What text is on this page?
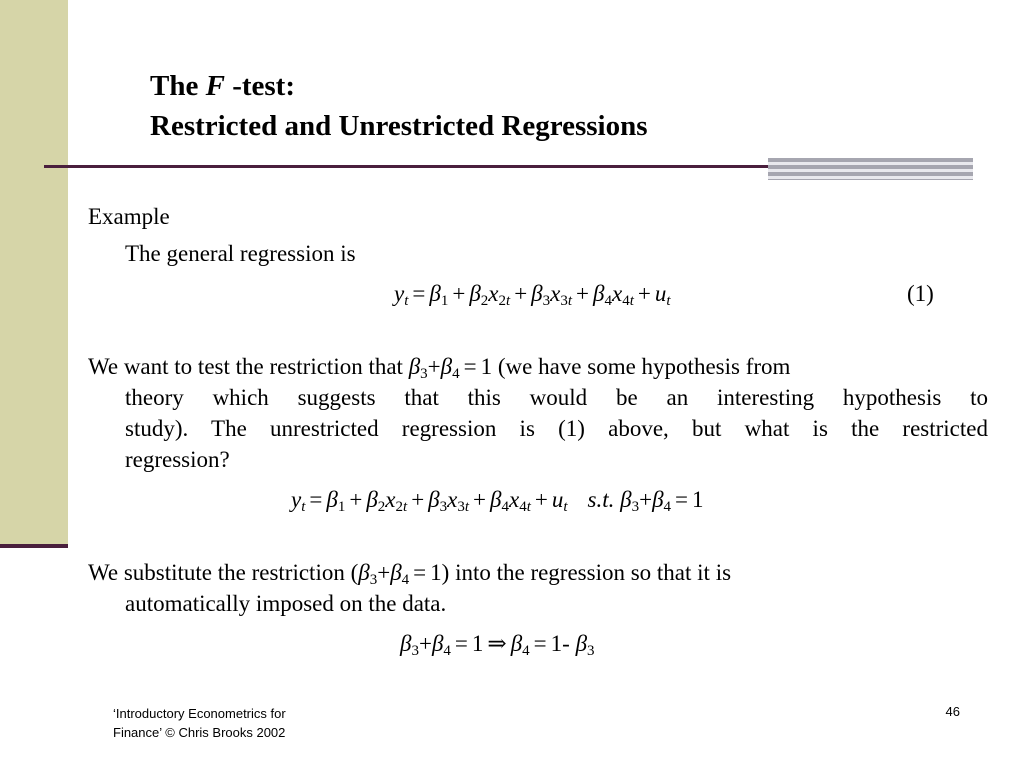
The F -test:
Restricted and Unrestricted Regressions
Example
The general regression is
$y_t = \beta_1 + \beta_2x_{2t} + \beta_3x_{3t} + \beta_4x_{4t} + u_t$	(1)
We want to test the restriction that $\beta_3+\beta_4 = 1$ (we have some hypothesis from
theory which suggests that this would be an interesting hypothesis to
study). The unrestricted regression is (1) above, but what is the restricted
regression?
$y_t = \beta_1 + \beta_2x_{2t} + \beta_3x_{3t} + \beta_4x_{4t} + u_t$ s.t. $\beta_3+\beta_4 = 1$
We substitute the restriction $(\beta_3+\beta_4 = 1)$ into the regression so that it is
automatically imposed on the data.
$\beta_3+\beta_4 = 1$ ⇒ $\beta_4 = 1-$ $\beta_3$
‘Introductory Econometrics for
Finance’ © Chris Brooks 2002
46
